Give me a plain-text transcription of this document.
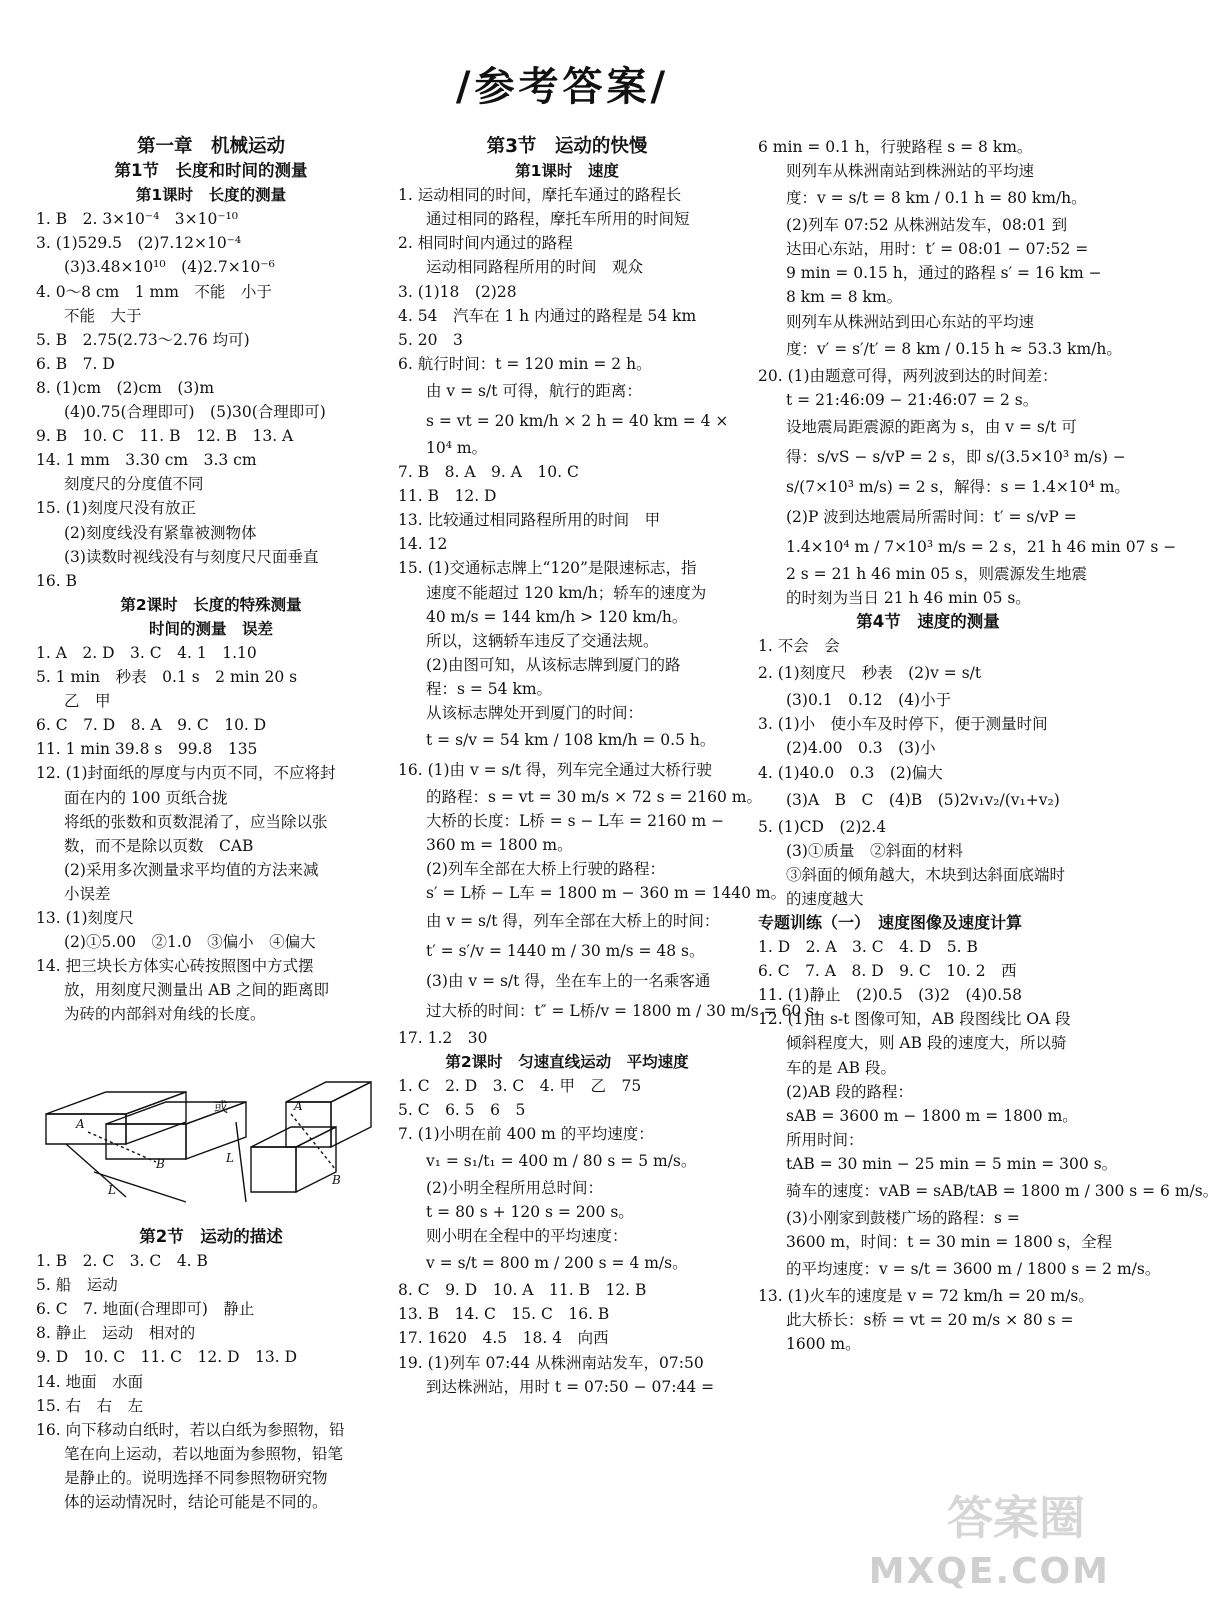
/参考答案/
第一章　机械运动
第1节　长度和时间的测量
第1课时　长度的测量
1. B　2. 3×10⁻⁴　3×10⁻¹⁰
3. (1)529.5　(2)7.12×10⁻⁴
(3)3.48×10¹⁰　(4)2.7×10⁻⁶
4. 0～8 cm　1 mm　不能　小于
不能　大于
5. B　2.75(2.73～2.76 均可)
6. B　7. D
8. (1)cm　(2)cm　(3)m
(4)0.75(合理即可)　(5)30(合理即可)
9. B　10. C　11. B　12. B　13. A
14. 1 mm　3.30 cm　3.3 cm
刻度尺的分度值不同
15. (1)刻度尺没有放正
(2)刻度线没有紧靠被测物体
(3)读数时视线没有与刻度尺尺面垂直
16. B
第2课时　长度的特殊测量
时间的测量　误差
1. A　2. D　3. C　4. 1　1.10
5. 1 min　秒表　0.1 s　2 min 20 s
乙　甲
6. C　7. D　8. A　9. C　10. D
11. 1 min 39.8 s　99.8　135
12. (1)封面纸的厚度与内页不同，不应将封
面在内的 100 页纸合拢
将纸的张数和页数混淆了，应当除以张
数，而不是除以页数　CAB
(2)采用多次测量求平均值的方法来减
小误差
13. (1)刻度尺
(2)①5.00　②1.0　③偏小　④偏大
14. 把三块长方体实心砖按照图中方式摆
放，用刻度尺测量出 AB 之间的距离即
为砖的内部斜对角线的长度。
A
B
L
L
A
B
或
第2节　运动的描述
1. B　2. C　3. C　4. B
5. 船　运动
6. C　7. 地面(合理即可)　静止
8. 静止　运动　相对的
9. D　10. C　11. C　12. D　13. D
14. 地面　水面
15. 右　右　左
16. 向下移动白纸时，若以白纸为参照物，铅
笔在向上运动，若以地面为参照物，铅笔
是静止的。说明选择不同参照物研究物
体的运动情况时，结论可能是不同的。
第3节　运动的快慢
第1课时　速度
1. 运动相同的时间，摩托车通过的路程长
通过相同的路程，摩托车所用的时间短
2. 相同时间内通过的路程
运动相同路程所用的时间　观众
3. (1)18　(2)28
4. 54　汽车在 1 h 内通过的路程是 54 km
5. 20　3
6. 航行时间：t = 120 min = 2 h。
由 v = s/t 可得，航行的距离：
s = vt = 20 km/h × 2 h = 40 km = 4 ×
10⁴ m。
7. B　8. A　9. A　10. C
11. B　12. D
13. 比较通过相同路程所用的时间　甲
14. 12
15. (1)交通标志牌上“120”是限速标志，指
速度不能超过 120 km/h；轿车的速度为
40 m/s = 144 km/h > 120 km/h。
所以，这辆轿车违反了交通法规。
(2)由图可知，从该标志牌到厦门的路
程：s = 54 km。
从该标志牌处开到厦门的时间：
t = s/v = 54 km / 108 km/h = 0.5 h。
16. (1)由 v = s/t 得，列车完全通过大桥行驶
的路程：s = vt = 30 m/s × 72 s = 2160 m。
大桥的长度：L桥 = s − L车 = 2160 m −
360 m = 1800 m。
(2)列车全部在大桥上行驶的路程：
s′ = L桥 − L车 = 1800 m − 360 m = 1440 m。
由 v = s/t 得，列车全部在大桥上的时间：
t′ = s′/v = 1440 m / 30 m/s = 48 s。
(3)由 v = s/t 得，坐在车上的一名乘客通
过大桥的时间：t″ = L桥/v = 1800 m / 30 m/s = 60 s。
17. 1.2　30
第2课时　匀速直线运动　平均速度
1. C　2. D　3. C　4. 甲　乙　75
5. C　6. 5　6　5
7. (1)小明在前 400 m 的平均速度：
v₁ = s₁/t₁ = 400 m / 80 s = 5 m/s。
(2)小明全程所用总时间：
t = 80 s + 120 s = 200 s。
则小明在全程中的平均速度：
v = s/t = 800 m / 200 s = 4 m/s。
8. C　9. D　10. A　11. B　12. B
13. B　14. C　15. C　16. B
17. 1620　4.5　18. 4　向西
19. (1)列车 07:44 从株洲南站发车，07:50
到达株洲站，用时 t = 07:50 − 07:44 =
6 min = 0.1 h，行驶路程 s = 8 km。
则列车从株洲南站到株洲站的平均速
度：v = s/t = 8 km / 0.1 h = 80 km/h。
(2)列车 07:52 从株洲站发车，08:01 到
达田心东站，用时：t′ = 08:01 − 07:52 =
9 min = 0.15 h，通过的路程 s′ = 16 km −
8 km = 8 km。
则列车从株洲站到田心东站的平均速
度：v′ = s′/t′ = 8 km / 0.15 h ≈ 53.3 km/h。
20. (1)由题意可得，两列波到达的时间差：
t = 21:46:09 − 21:46:07 = 2 s。
设地震局距震源的距离为 s，由 v = s/t 可
得：s/vS − s/vP = 2 s，即 s/(3.5×10³ m/s) −
s/(7×10³ m/s) = 2 s，解得：s = 1.4×10⁴ m。
(2)P 波到达地震局所需时间：t′ = s/vP =
1.4×10⁴ m / 7×10³ m/s = 2 s，21 h 46 min 07 s −
2 s = 21 h 46 min 05 s，则震源发生地震
的时刻为当日 21 h 46 min 05 s。
第4节　速度的测量
1. 不会　会
2. (1)刻度尺　秒表　(2)v = s/t
(3)0.1　0.12　(4)小于
3. (1)小　使小车及时停下，便于测量时间
(2)4.00　0.3　(3)小
4. (1)40.0　0.3　(2)偏大
(3)A　B　C　(4)B　(5)2v₁v₂/(v₁+v₂)
5. (1)CD　(2)2.4
(3)①质量　②斜面的材料
③斜面的倾角越大，木块到达斜面底端时
的速度越大
专题训练（一）　速度图像及速度计算
1. D　2. A　3. C　4. D　5. B
6. C　7. A　8. D　9. C　10. 2　西
11. (1)静止　(2)0.5　(3)2　(4)0.58
12. (1)由 s-t 图像可知，AB 段图线比 OA 段
倾斜程度大，则 AB 段的速度大，所以骑
车的是 AB 段。
(2)AB 段的路程：
sAB = 3600 m − 1800 m = 1800 m。
所用时间：
tAB = 30 min − 25 min = 5 min = 300 s。
骑车的速度：vAB = sAB/tAB = 1800 m / 300 s = 6 m/s。
(3)小刚家到鼓楼广场的路程：s =
3600 m，时间：t = 30 min = 1800 s，全程
的平均速度：v = s/t = 3600 m / 1800 s = 2 m/s。
13. (1)火车的速度是 v = 72 km/h = 20 m/s。
此大桥长：s桥 = vt = 20 m/s × 80 s =
1600 m。
答案圈
MXQE.COM
